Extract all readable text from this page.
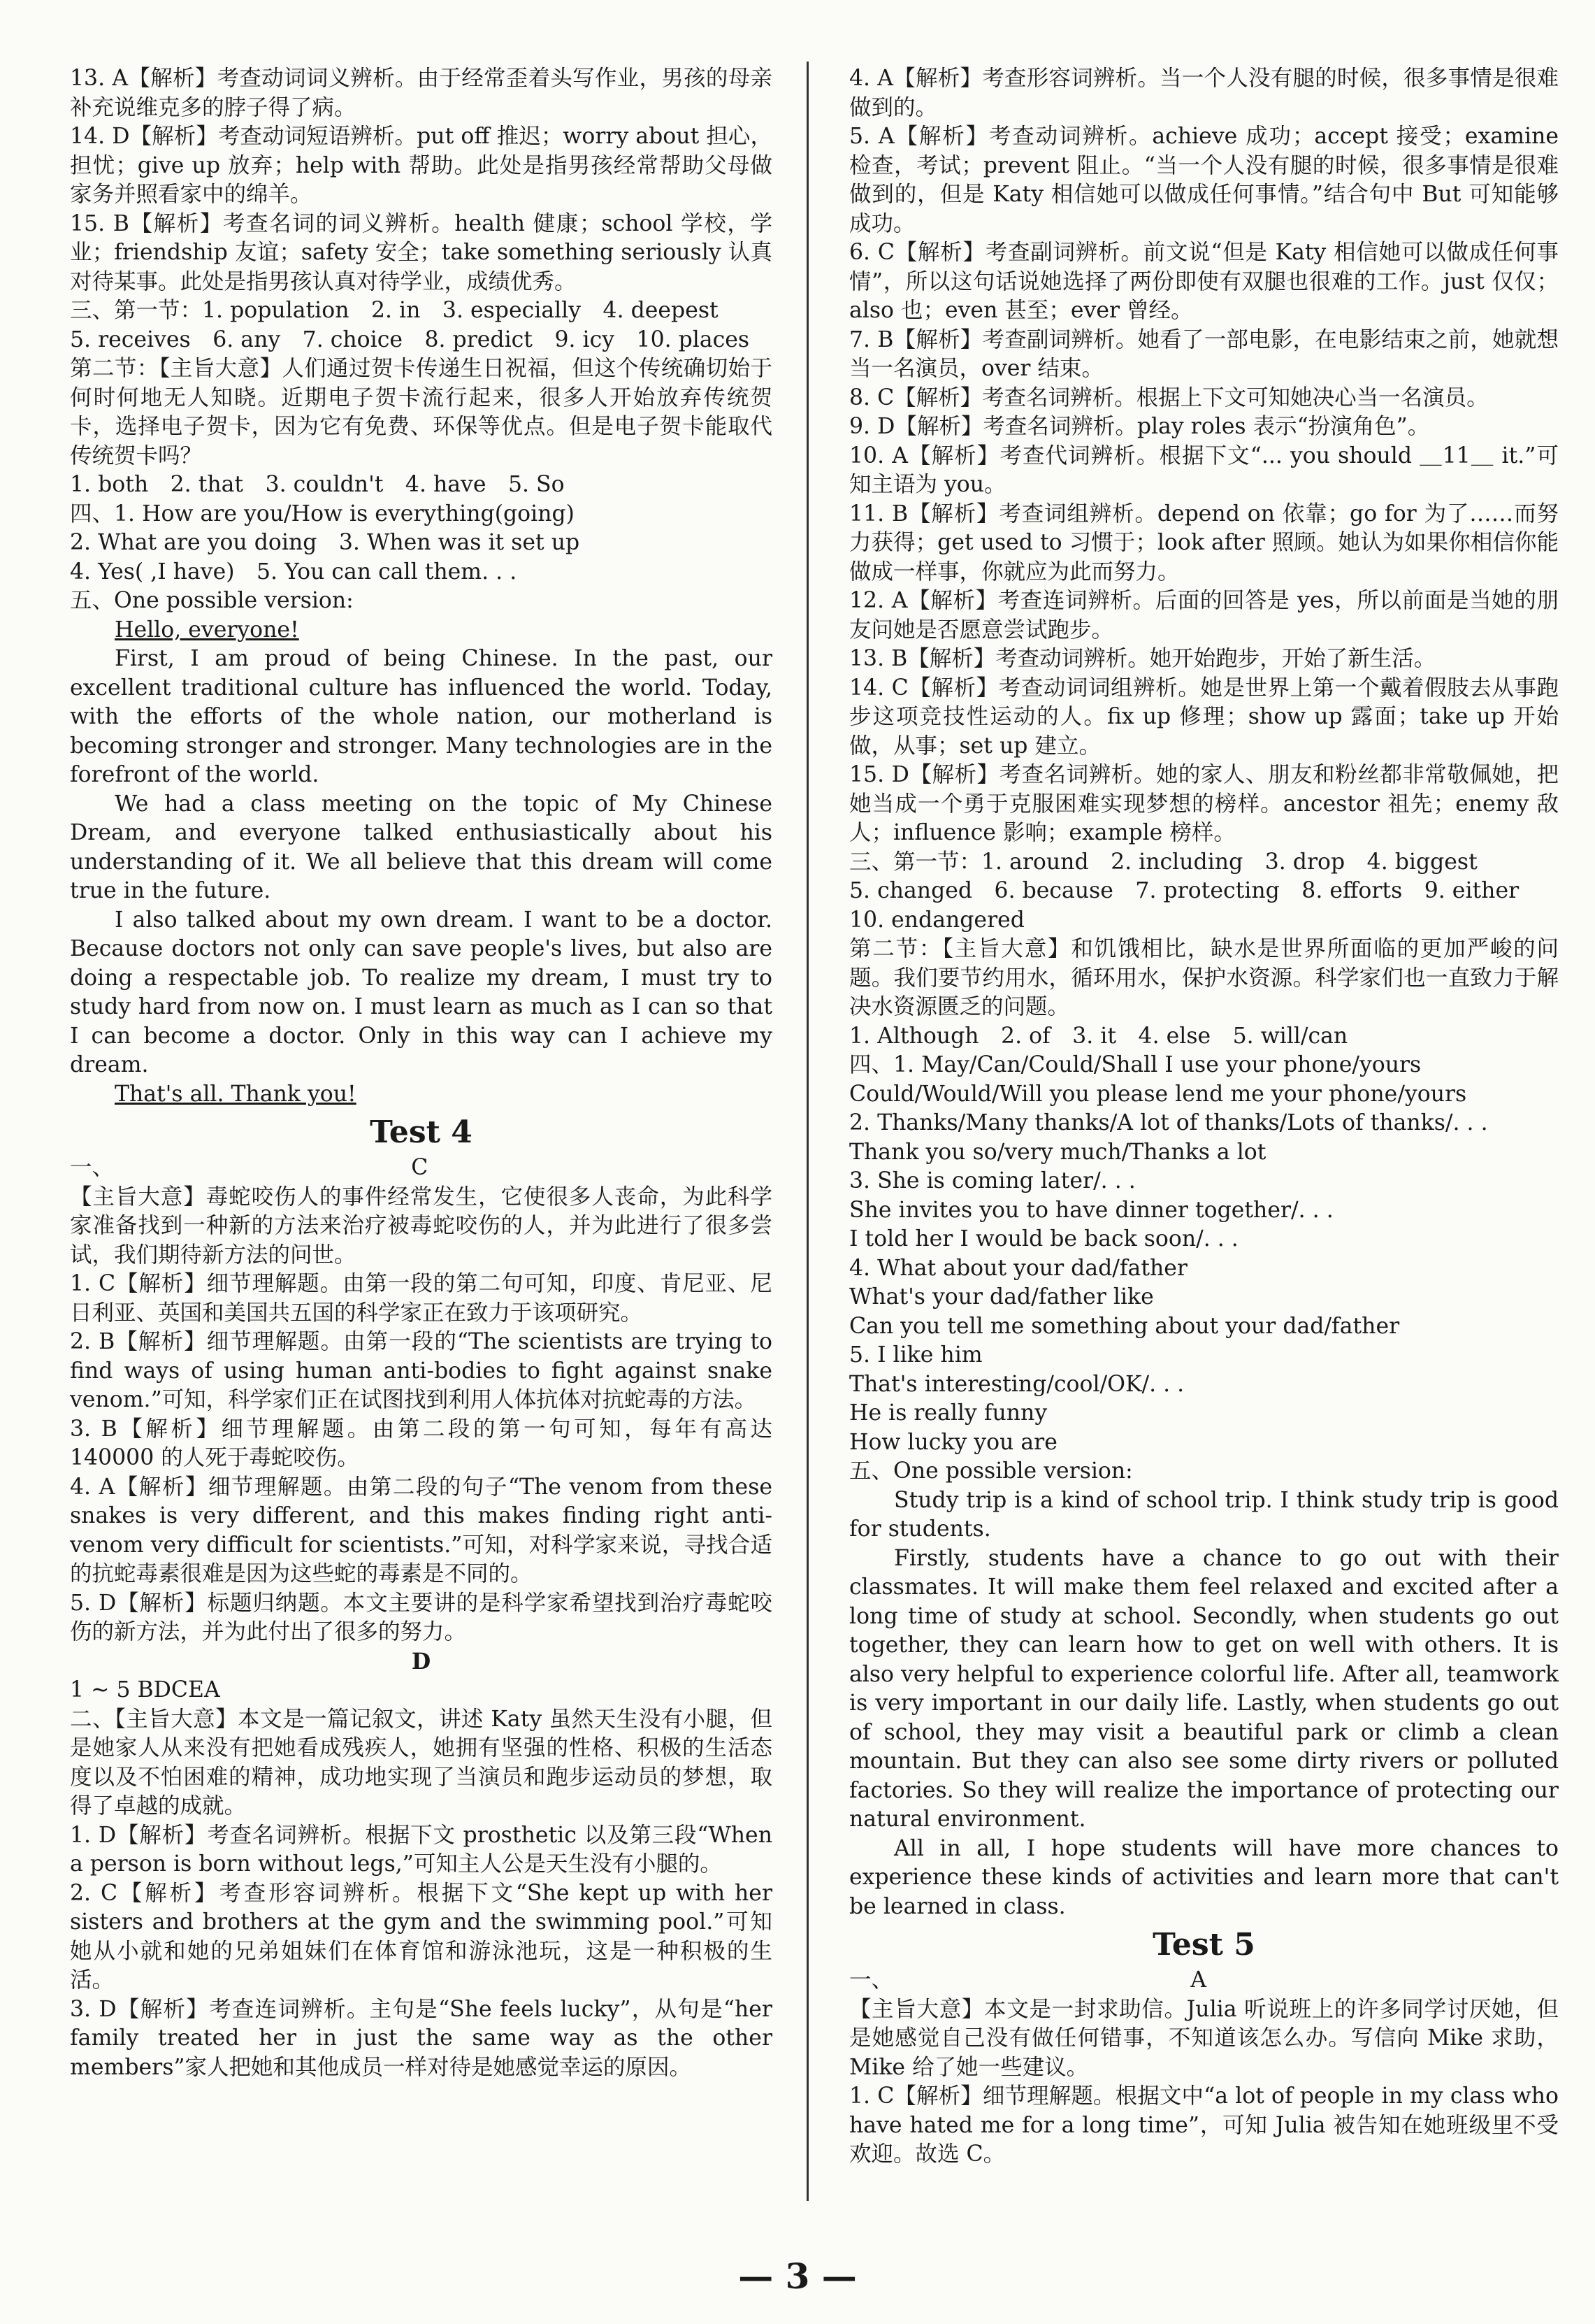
13. A【解析】考查动词词义辨析。由于经常歪着头写作业，男孩的母亲补充说维克多的脖子得了病。

14. D【解析】考查动词短语辨析。put off 推迟；worry about 担心，担忧；give up 放弃；help with 帮助。此处是指男孩经常帮助父母做家务并照看家中的绵羊。

15. B【解析】考查名词的词义辨析。health 健康；school 学校，学业；friendship 友谊；safety 安全；take something seriously 认真对待某事。此处是指男孩认真对待学业，成绩优秀。

三、第一节：1. population　2. in　3. especially　4. deepest

5. receives　6. any　7. choice　8. predict　9. icy　10. places

第二节：【主旨大意】人们通过贺卡传递生日祝福，但这个传统确切始于何时何地无人知晓。近期电子贺卡流行起来，很多人开始放弃传统贺卡，选择电子贺卡，因为它有免费、环保等优点。但是电子贺卡能取代传统贺卡吗？

1. both　2. that　3. couldn't　4. have　5. So

四、1. How are you/How is everything(going)

2. What are you doing　3. When was it set up

4. Yes( ,I have)　5. You can call them. . .

五、One possible version:

Hello, everyone!

First, I am proud of being Chinese. In the past, our excellent traditional culture has influenced the world. Today, with the efforts of the whole nation, our motherland is becoming stronger and stronger. Many technologies are in the forefront of the world.

We had a class meeting on the topic of My Chinese Dream, and everyone talked enthusiastically about his understanding of it. We all believe that this dream will come true in the future.

I also talked about my own dream. I want to be a doctor. Because doctors not only can save people's lives, but also are doing a respectable job. To realize my dream, I must try to study hard from now on. I must learn as much as I can so that I can become a doctor. Only in this way can I achieve my dream.

That's all. Thank you!

Test 4

一、　　　　　　　　　　　　　　C

【主旨大意】毒蛇咬伤人的事件经常发生，它使很多人丧命，为此科学家准备找到一种新的方法来治疗被毒蛇咬伤的人，并为此进行了很多尝试，我们期待新方法的问世。

1. C【解析】细节理解题。由第一段的第二句可知，印度、肯尼亚、尼日利亚、英国和美国共五国的科学家正在致力于该项研究。

2. B【解析】细节理解题。由第一段的“The scientists are trying to find ways of using human anti-bodies to fight against snake venom.”可知，科学家们正在试图找到利用人体抗体对抗蛇毒的方法。

3. B【解析】细节理解题。由第二段的第一句可知，每年有高达 140000 的人死于毒蛇咬伤。

4. A【解析】细节理解题。由第二段的句子“The venom from these snakes is very different, and this makes finding right anti-venom very difficult for scientists.”可知，对科学家来说，寻找合适的抗蛇毒素很难是因为这些蛇的毒素是不同的。

5. D【解析】标题归纳题。本文主要讲的是科学家希望找到治疗毒蛇咬伤的新方法，并为此付出了很多的努力。

D

1 ~ 5 BDCEA

二、【主旨大意】本文是一篇记叙文，讲述 Katy 虽然天生没有小腿，但是她家人从来没有把她看成残疾人，她拥有坚强的性格、积极的生活态度以及不怕困难的精神，成功地实现了当演员和跑步运动员的梦想，取得了卓越的成就。

1. D【解析】考查名词辨析。根据下文 prosthetic 以及第三段“When a person is born without legs,”可知主人公是天生没有小腿的。

2. C【解析】考查形容词辨析。根据下文“She kept up with her sisters and brothers at the gym and the swimming pool.”可知她从小就和她的兄弟姐妹们在体育馆和游泳池玩，这是一种积极的生活。

3. D【解析】考查连词辨析。主句是“She feels lucky”，从句是“her family treated her in just the same way as the other members”家人把她和其他成员一样对待是她感觉幸运的原因。

4. A【解析】考查形容词辨析。当一个人没有腿的时候，很多事情是很难做到的。

5. A【解析】考查动词辨析。achieve 成功；accept 接受；examine 检查，考试；prevent 阻止。“当一个人没有腿的时候，很多事情是很难做到的，但是 Katy 相信她可以做成任何事情。”结合句中 But 可知能够成功。

6. C【解析】考查副词辨析。前文说“但是 Katy 相信她可以做成任何事情”，所以这句话说她选择了两份即使有双腿也很难的工作。just 仅仅；also 也；even 甚至；ever 曾经。

7. B【解析】考查副词辨析。她看了一部电影，在电影结束之前，她就想当一名演员，over 结束。

8. C【解析】考查名词辨析。根据上下文可知她决心当一名演员。

9. D【解析】考查名词辨析。play roles 表示“扮演角色”。

10. A【解析】考查代词辨析。根据下文“... you should ＿11＿ it.”可知主语为 you。

11. B【解析】考查词组辨析。depend on 依靠；go for 为了……而努力获得；get used to 习惯于；look after 照顾。她认为如果你相信你能做成一样事，你就应为此而努力。

12. A【解析】考查连词辨析。后面的回答是 yes，所以前面是当她的朋友问她是否愿意尝试跑步。

13. B【解析】考查动词辨析。她开始跑步，开始了新生活。

14. C【解析】考查动词词组辨析。她是世界上第一个戴着假肢去从事跑步这项竞技性运动的人。fix up 修理；show up 露面；take up 开始做，从事；set up 建立。

15. D【解析】考查名词辨析。她的家人、朋友和粉丝都非常敬佩她，把她当成一个勇于克服困难实现梦想的榜样。ancestor 祖先；enemy 敌人；influence 影响；example 榜样。

三、第一节：1. around　2. including　3. drop　4. biggest

5. changed　6. because　7. protecting　8. efforts　9. either

10. endangered

第二节：【主旨大意】和饥饿相比，缺水是世界所面临的更加严峻的问题。我们要节约用水，循环用水，保护水资源。科学家们也一直致力于解决水资源匮乏的问题。

1. Although　2. of　3. it　4. else　5. will/can

四、1. May/Can/Could/Shall I use your phone/yours

Could/Would/Will you please lend me your phone/yours

2. Thanks/Many thanks/A lot of thanks/Lots of thanks/. . .

Thank you so/very much/Thanks a lot

3. She is coming later/. . .

She invites you to have dinner together/. . .

I told her I would be back soon/. . .

4. What about your dad/father

What's your dad/father like

Can you tell me something about your dad/father

5. I like him

That's interesting/cool/OK/. . .

He is really funny

How lucky you are

五、One possible version:

Study trip is a kind of school trip. I think study trip is good for students.

Firstly, students have a chance to go out with their classmates. It will make them feel relaxed and excited after a long time of study at school. Secondly, when students go out together, they can learn how to get on well with others. It is also very helpful to experience colorful life. After all, teamwork is very important in our daily life. Lastly, when students go out of school, they may visit a beautiful park or climb a clean mountain. But they can also see some dirty rivers or polluted factories. So they will realize the importance of protecting our natural environment.

All in all, I hope students will have more chances to experience these kinds of activities and learn more that can't be learned in class.

Test 5

一、　　　　　　　　　　　　　　A

【主旨大意】本文是一封求助信。Julia 听说班上的许多同学讨厌她，但是她感觉自己没有做任何错事，不知道该怎么办。写信向 Mike 求助，Mike 给了她一些建议。

1. C【解析】细节理解题。根据文中“a lot of people in my class who have hated me for a long time”，可知 Julia 被告知在她班级里不受欢迎。故选 C。

— 3 —
